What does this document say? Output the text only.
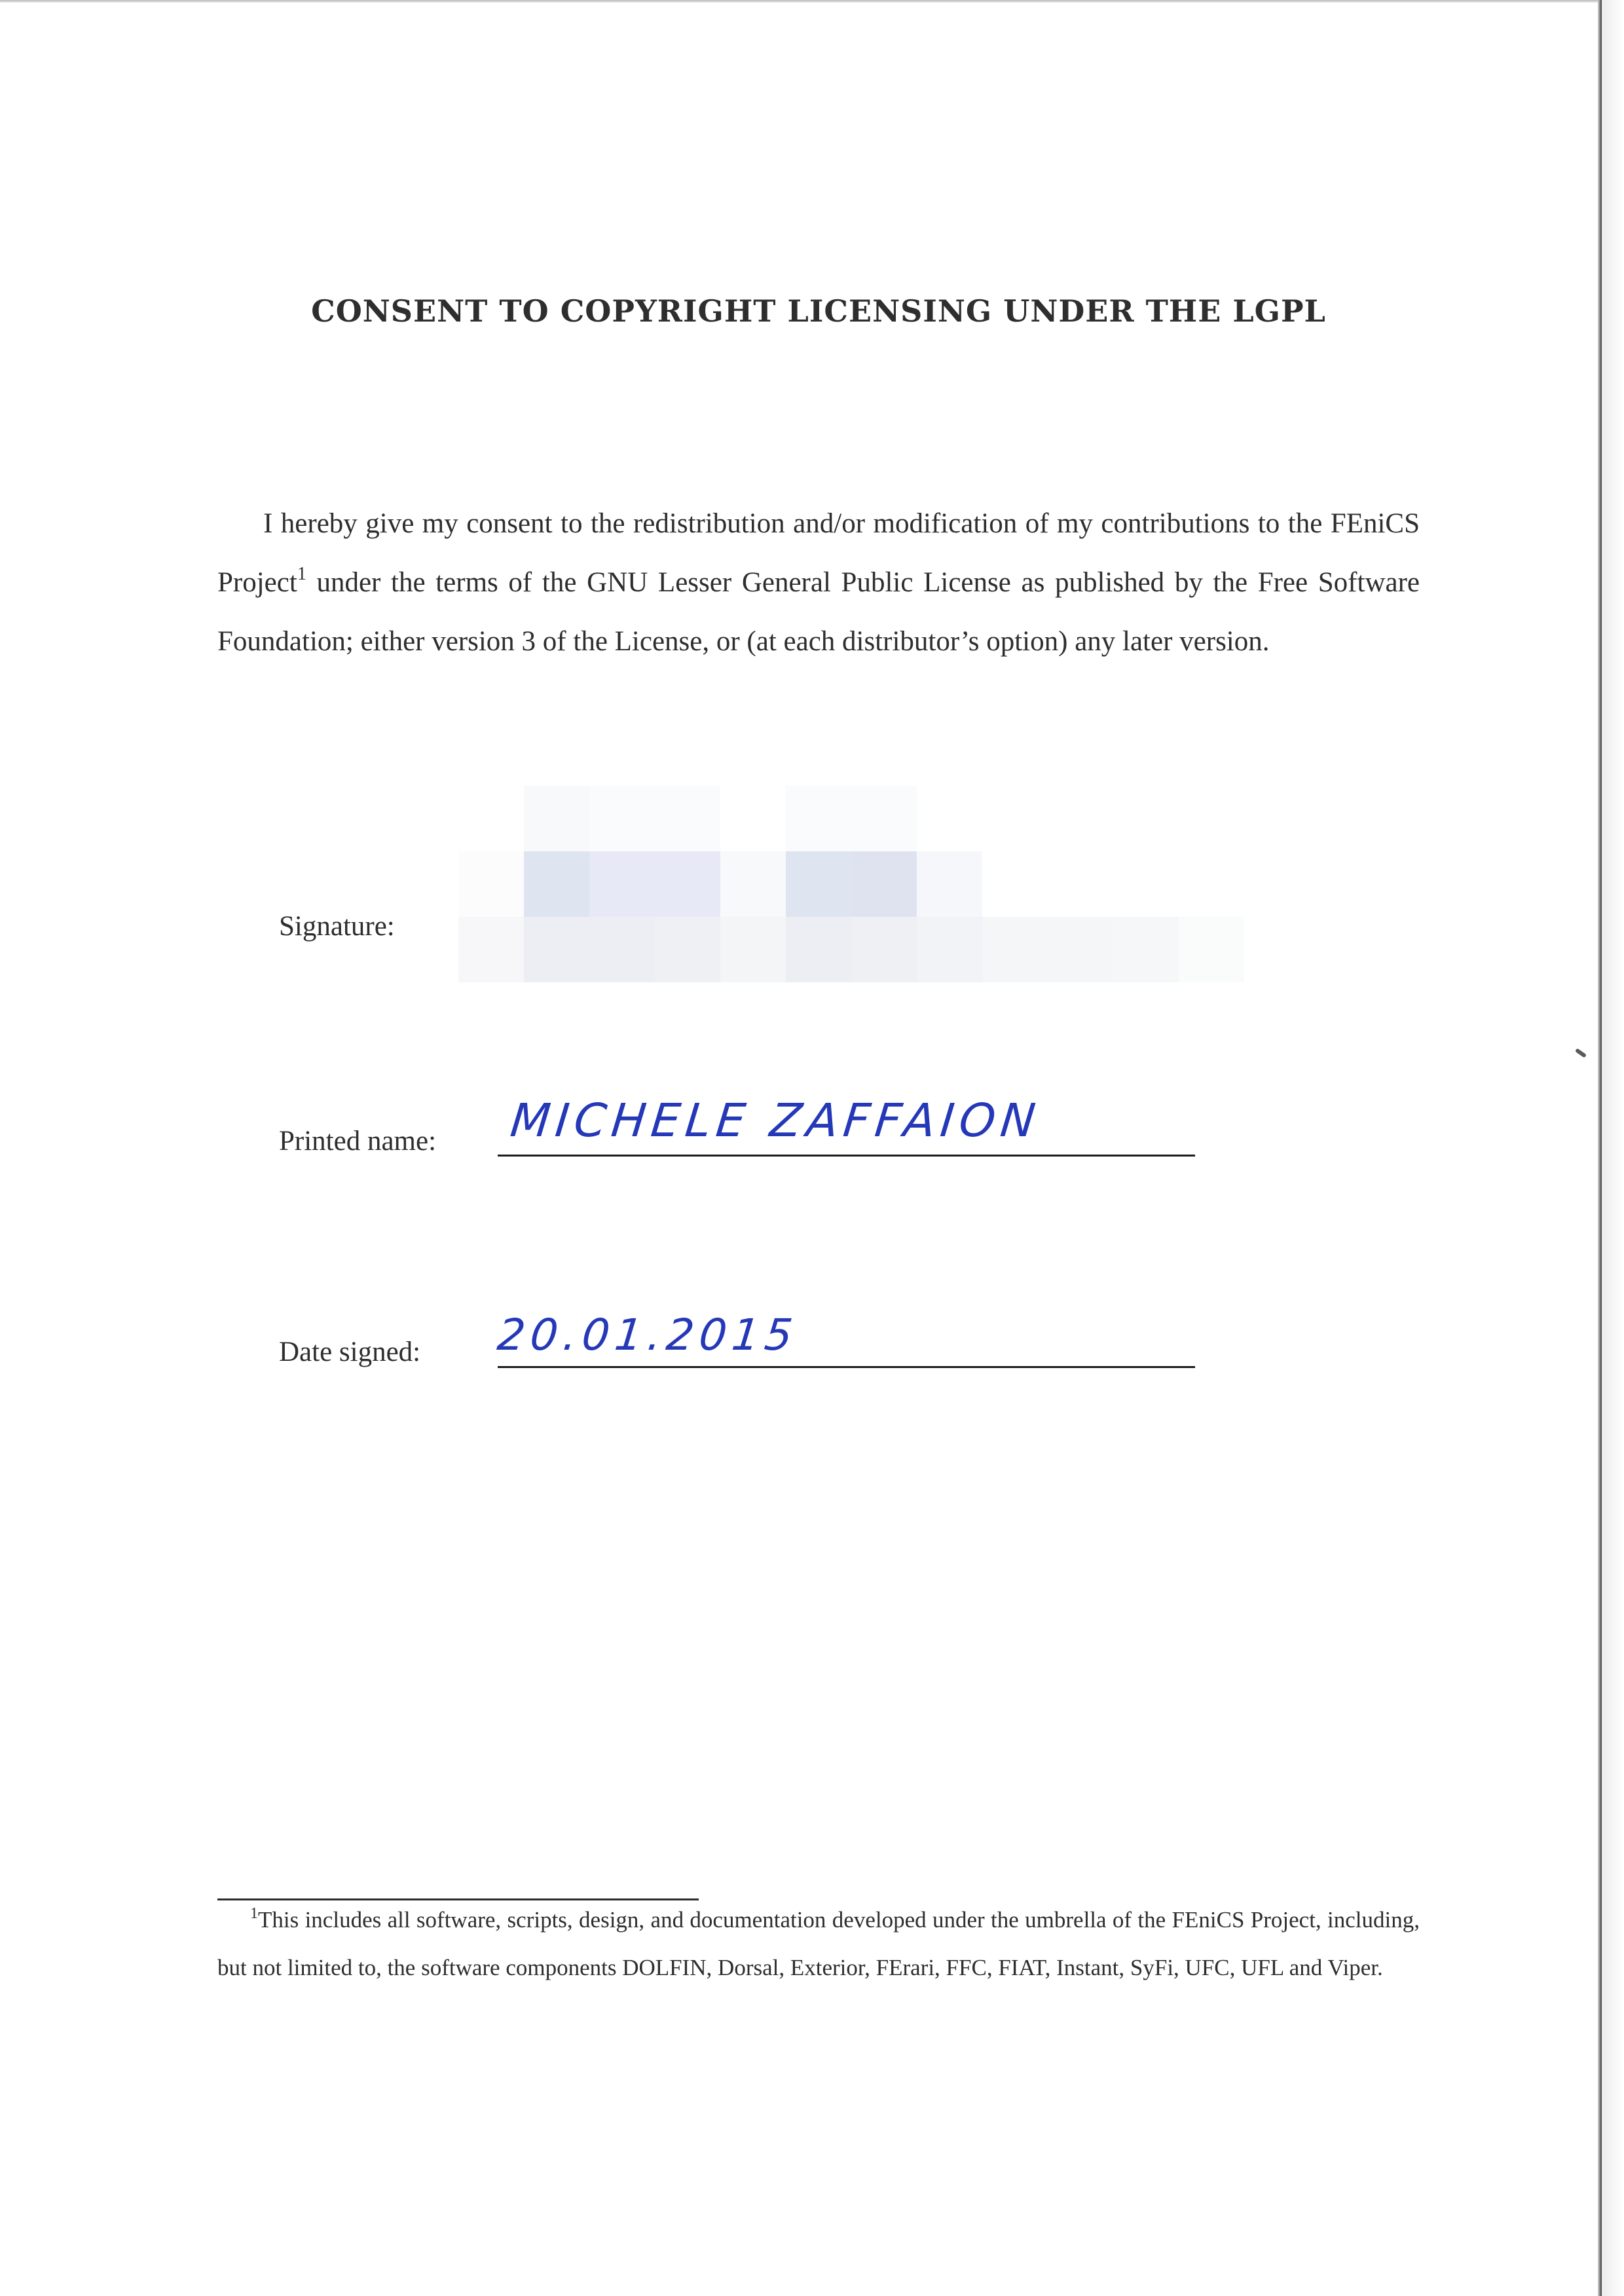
CONSENT TO COPYRIGHT LICENSING UNDER THE LGPL

I hereby give my consent to the redistribution and/or modification of my contributions to the FEniCS Project$^1$ under the terms of the GNU Lesser General Public License as published by the Free Software Foundation; either version 3 of the License, or (at each distributor’s option) any later version.

Signature:
Printed name: MICHELE ZAFFAION
Date signed: 20.01.2015

$^1$This includes all software, scripts, design, and documentation developed under the umbrella of the FEniCS Project, including, but not limited to, the software components DOLFIN, Dorsal, Exterior, FErari, FFC, FIAT, Instant, SyFi, UFC, UFL and Viper.
